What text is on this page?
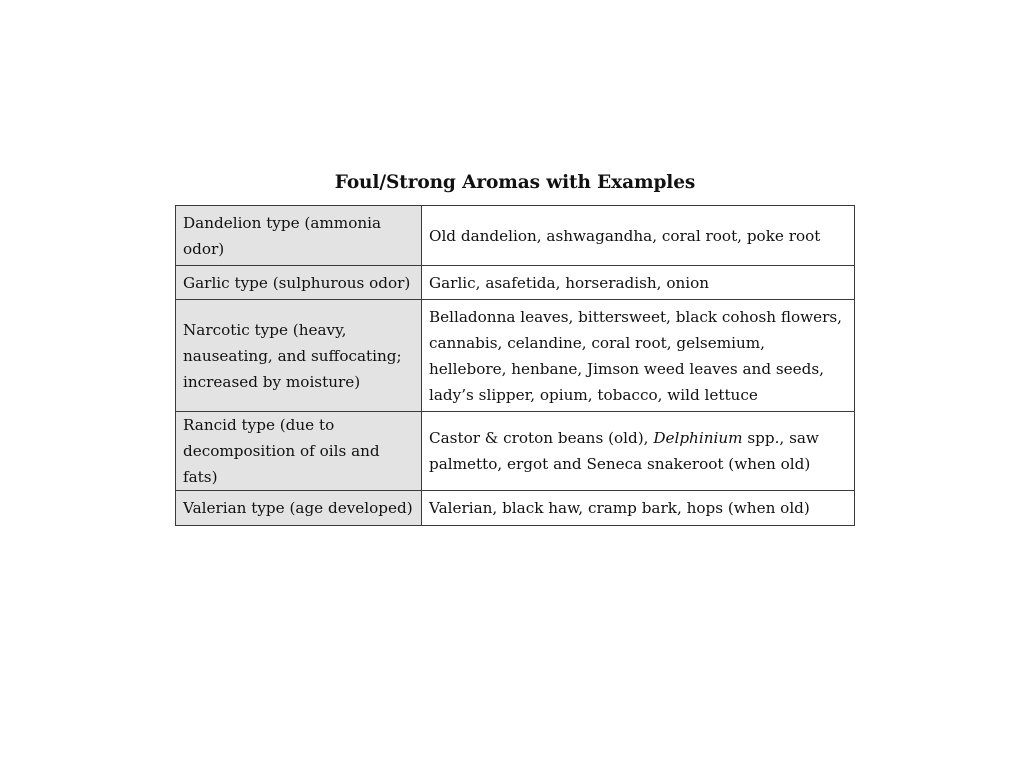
Foul/Strong Aromas with Examples
Dandelion type (ammonia odor)	Old dandelion, ashwagandha, coral root, poke root
Garlic type (sulphurous odor)	Garlic, asafetida, horseradish, onion
Narcotic type (heavy, nauseating, and suffocating; increased by moisture)	Belladonna leaves, bittersweet, black cohosh flowers, cannabis, celandine, coral root, gelsemium, hellebore, henbane, Jimson weed leaves and seeds, lady’s slipper, opium, tobacco, wild lettuce
Rancid type (due to decomposition of oils and fats)	Castor & croton beans (old), Delphinium spp., saw palmetto, ergot and Seneca snakeroot (when old)
Valerian type (age developed)	Valerian, black haw, cramp bark, hops (when old)
